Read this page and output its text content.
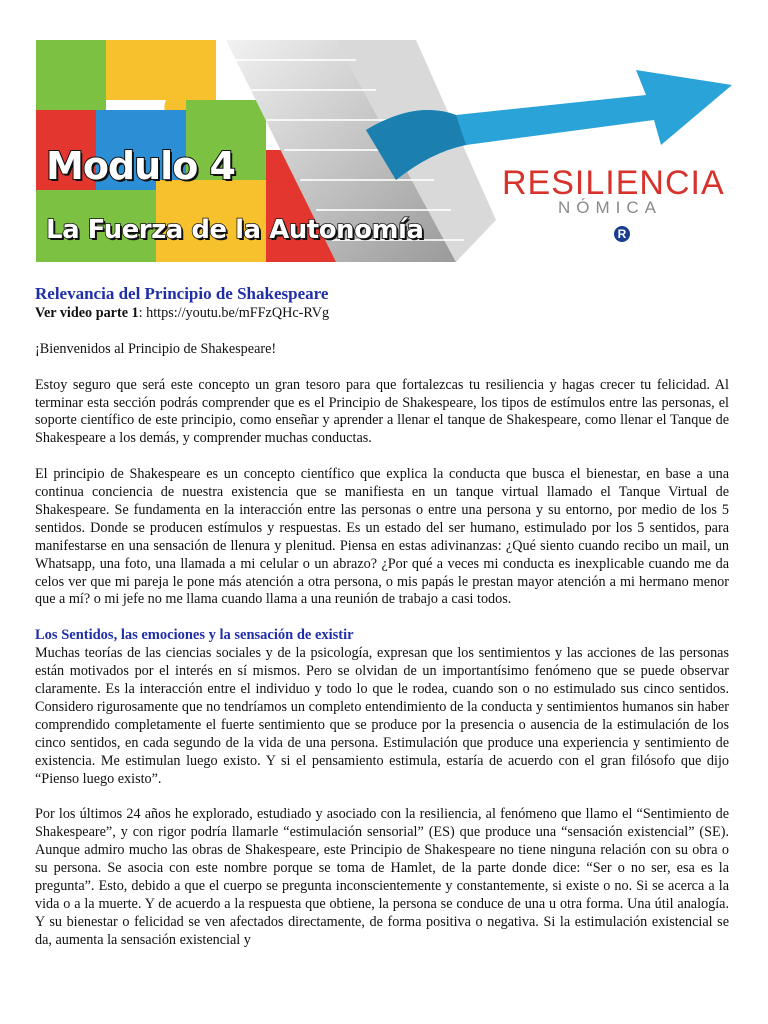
Modulo 4
La Fuerza de la Autonomía
RESILIENCIA
NÓMICA
R
Relevancia del Principio de Shakespeare

Ver video parte 1: https://youtu.be/mFFzQHc-RVg

¡Bienvenidos al Principio de Shakespeare!

Estoy seguro que será este concepto un gran tesoro para que fortalezcas tu resiliencia y hagas crecer tu felicidad. Al terminar esta sección podrás comprender que es el Principio de Shakespeare, los tipos de estímulos entre las personas, el soporte científico de este principio, como enseñar y aprender a llenar el tanque de Shakespeare, como llenar el Tanque de Shakespeare a los demás, y comprender muchas conductas.

El principio de Shakespeare es un concepto científico que explica la conducta que busca el bienestar, en base a una continua conciencia de nuestra existencia que se manifiesta en un tanque virtual llamado el Tanque Virtual de Shakespeare. Se fundamenta en la interacción entre las personas o entre una persona y su entorno, por medio de los 5 sentidos. Donde se producen estímulos y respuestas. Es un estado del ser humano, estimulado por los 5 sentidos, para manifestarse en una sensación de llenura y plenitud. Piensa en estas adivinanzas: ¿Qué siento cuando recibo un mail, un Whatsapp, una foto, una llamada a mi celular o un abrazo? ¿Por qué a veces mi conducta es inexplicable cuando me da celos ver que mi pareja le pone más atención a otra persona, o mis papás le prestan mayor atención a mi hermano menor que a mí? o mi jefe no me llama cuando llama a una reunión de trabajo a casi todos.

Los Sentidos, las emociones y la sensación de existir

Muchas teorías de las ciencias sociales y de la psicología, expresan que los sentimientos y las acciones de las personas están motivados por el interés en sí mismos. Pero se olvidan de un importantísimo fenómeno que se puede observar claramente. Es la interacción entre el individuo y todo lo que le rodea, cuando son o no estimulado sus cinco sentidos. Considero rigurosamente que no tendríamos un completo entendimiento de la conducta y sentimientos humanos sin haber comprendido completamente el fuerte sentimiento que se produce por la presencia o ausencia de la estimulación de los cinco sentidos, en cada segundo de la vida de una persona. Estimulación que produce una experiencia y sentimiento de existencia. Me estimulan luego existo. Y si el pensamiento estimula, estaría de acuerdo con el gran filósofo que dijo “Pienso luego existo”.

Por los últimos 24 años he explorado, estudiado y asociado con la resiliencia, al fenómeno que llamo el “Sentimiento de Shakespeare”, y con rigor podría llamarle “estimulación sensorial” (ES) que produce una “sensación existencial” (SE). Aunque admiro mucho las obras de Shakespeare, este Principio de Shakespeare no tiene ninguna relación con su obra o su persona. Se asocia con este nombre porque se toma de Hamlet, de la parte donde dice: “Ser o no ser, esa es la pregunta”. Esto, debido a que el cuerpo se pregunta inconscientemente y constantemente, si existe o no. Si se acerca a la vida o a la muerte. Y de acuerdo a la respuesta que obtiene, la persona se conduce de una u otra forma. Una útil analogía. Y su bienestar o felicidad se ven afectados directamente, de forma positiva o negativa. Si la estimulación existencial se da, aumenta la sensación existencial y
